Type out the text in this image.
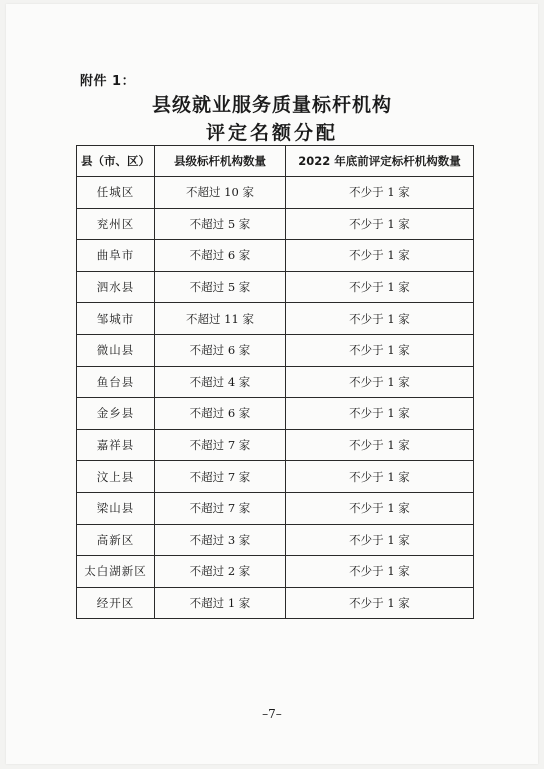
附件 1：
县级就业服务质量标杆机构
评定名额分配
县（市、区）	县级标杆机构数量	2022 年底前评定标杆机构数量
任城区	不超过 10 家	不少于 1 家
兖州区	不超过 5 家	不少于 1 家
曲阜市	不超过 6 家	不少于 1 家
泗水县	不超过 5 家	不少于 1 家
邹城市	不超过 11 家	不少于 1 家
微山县	不超过 6 家	不少于 1 家
鱼台县	不超过 4 家	不少于 1 家
金乡县	不超过 6 家	不少于 1 家
嘉祥县	不超过 7 家	不少于 1 家
汶上县	不超过 7 家	不少于 1 家
梁山县	不超过 7 家	不少于 1 家
高新区	不超过 3 家	不少于 1 家
太白湖新区	不超过 2 家	不少于 1 家
经开区	不超过 1 家	不少于 1 家
–7–
